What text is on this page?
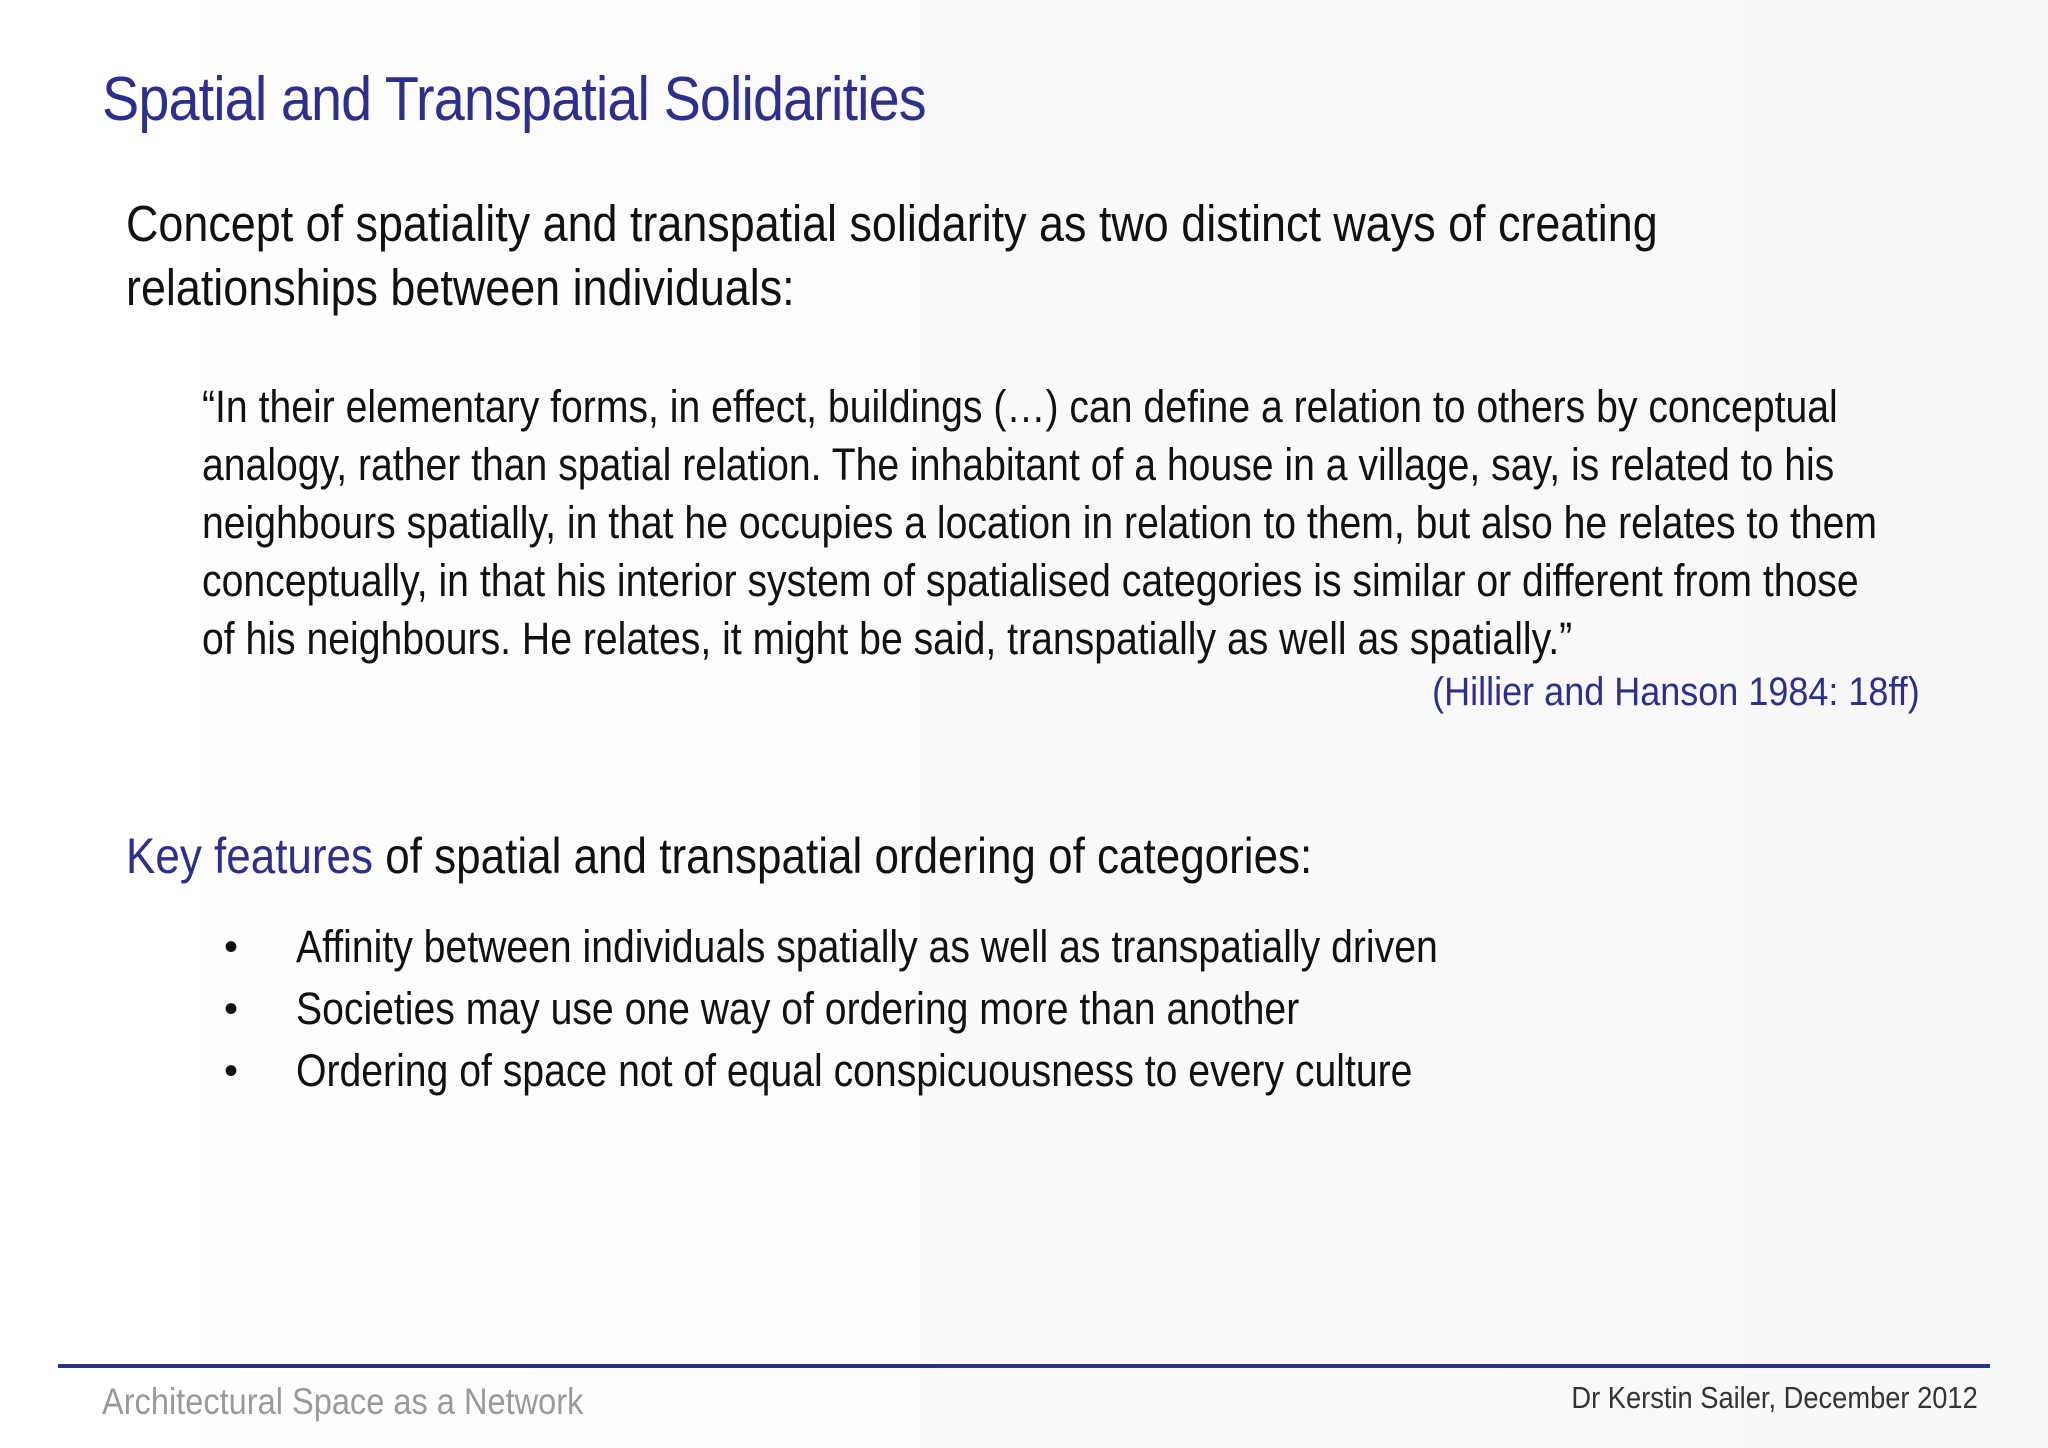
Spatial and Transpatial Solidarities
Concept of spatiality and transpatial solidarity as two distinct ways of creating relationships between individuals:
“In their elementary forms, in effect, buildings (…) can define a relation to others by conceptual
analogy, rather than spatial relation. The inhabitant of a house in a village, say, is related to his
neighbours spatially, in that he occupies a location in relation to them, but also he relates to them
conceptually, in that his interior system of spatialised categories is similar or different from those
of his neighbours. He relates, it might be said, transpatially as well as spatially.”
(Hillier and Hanson 1984: 18ff)
Key features of spatial and transpatial ordering of categories:
• Affinity between individuals spatially as well as transpatially driven
• Societies may use one way of ordering more than another
• Ordering of space not of equal conspicuousness to every culture
Architectural Space as a Network	Dr Kerstin Sailer, December 2012
